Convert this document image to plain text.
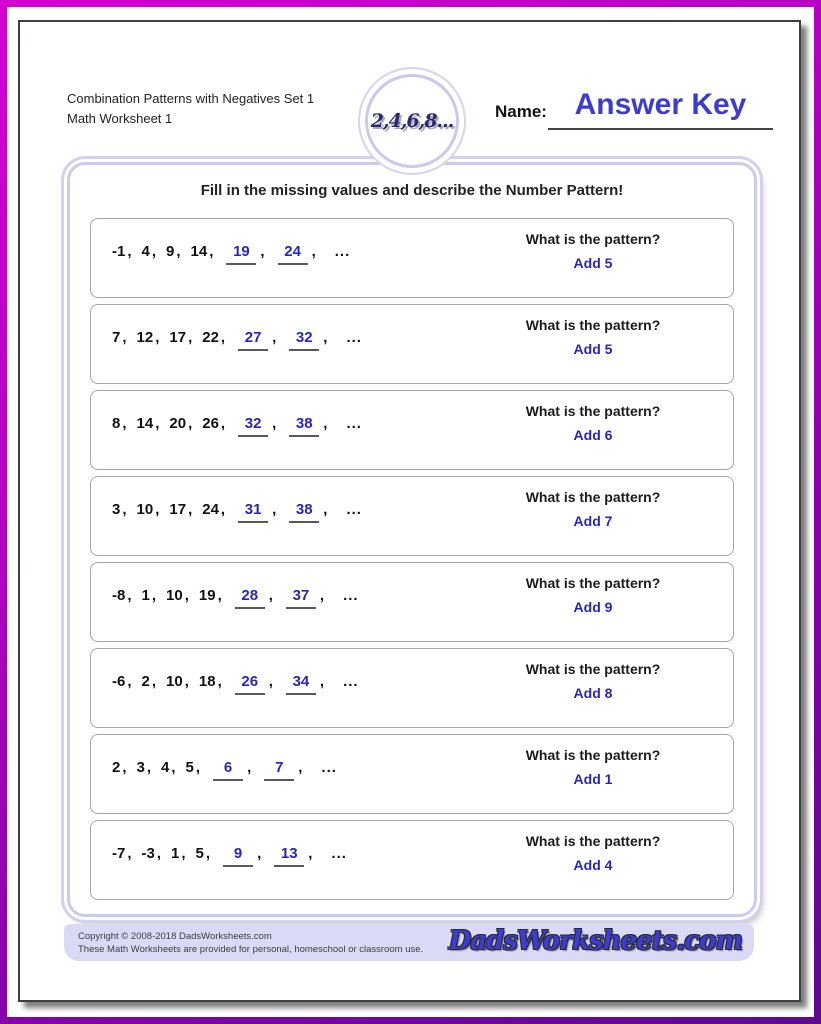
Combination Patterns with Negatives Set 1
Math Worksheet 1	2,4,6,8... Name: Answer Key
Fill in the missing values and describe the Number Pattern!
-1 , 4 , 9 , 14 , 19 , 24 , ...
What is the pattern?
Add 5
7 , 12 , 17 , 22 , 27 , 32 , ...
What is the pattern?
Add 5
8 , 14 , 20 , 26 , 32 , 38 , ...
What is the pattern?
Add 6
3 , 10 , 17 , 24 , 31 , 38 , ...
What is the pattern?
Add 7
-8 , 1 , 10 , 19 , 28 , 37 , ...
What is the pattern?
Add 9
-6 , 2 , 10 , 18 , 26 , 34 , ...
What is the pattern?
Add 8
2 , 3 , 4 , 5 , 6 , 7 , ...
What is the pattern?
Add 1
-7 , -3 , 1 , 5 , 9 , 13 , ...
What is the pattern?
Add 4
Copyright © 2008-2018 DadsWorksheets.com
These Math Worksheets are provided for personal, homeschool or classroom use. DadsWorksheets.com
